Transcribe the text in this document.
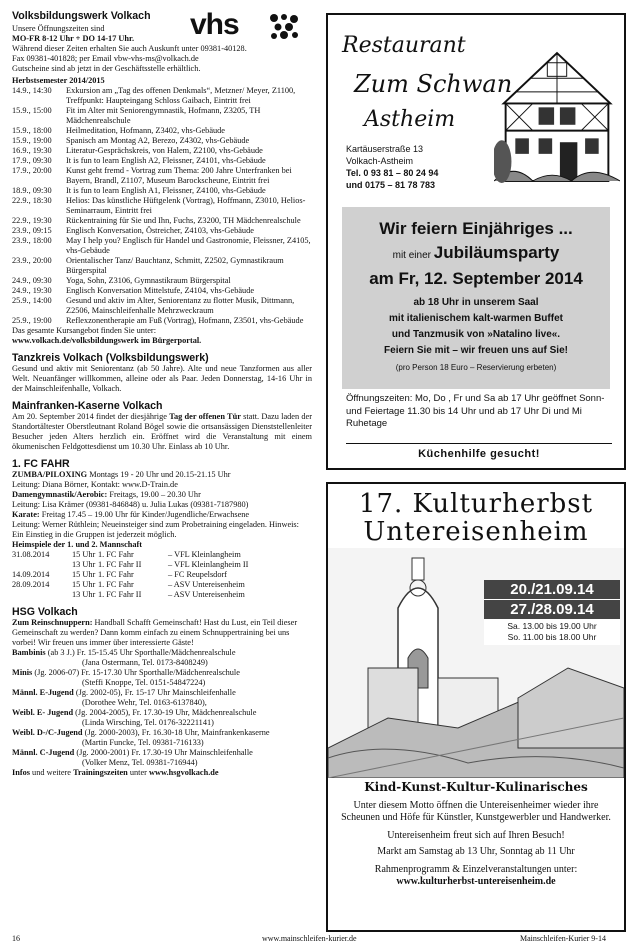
Volksbildungswerk Volkach	vhs
Unsere Öffnungszeiten sind
MO-FR 8-12 Uhr + DO 14-17 Uhr.
Während dieser Zeiten erhalten Sie auch Auskunft unter 09381-40128.
Fax 09381-401828; per Email vbw-vhs-ms@volkach.de
Gutscheine sind ab jetzt in der Geschäftsstelle erhältlich.
Herbstsemester 2014/2015
14.9., 14:30	Exkursion am „Tag des offenen Denkmals“, Metzner/ Meyer, Z1100, Treffpunkt: Haupteingang Schloss Gaibach, Eintritt frei
15.9., 15:00	Fit im Alter mit Seniorengymnastik, Hofmann, Z3205, TH Mädchenrealschule
15.9., 18:00	Heilmeditation, Hofmann, Z3402, vhs-Gebäude
15.9., 19:00	Spanisch am Montag A2, Berezo, Z4302, vhs-Gebäude
16.9., 19:30	Literatur-Gesprächskreis, von Halem, Z2100, vhs-Gebäude
17.9., 09:30	It is fun to learn English A2, Fleissner, Z4101, vhs-Gebäude
17.9., 20:00	Kunst geht fremd - Vortrag zum Thema: 200 Jahre Unterfranken bei Bayern, Brandl, Z1107, Museum Barockscheune, Eintritt frei
18.9., 09:30	It is fun to learn English A1, Fleissner, Z4100, vhs-Gebäude
22.9., 18:30	Helios: Das künstliche Hüftgelenk (Vortrag), Hoffmann, Z3010, Helios-Seminarraum, Eintritt frei
22.9., 19:30	Rückentraining für Sie und Ihn, Fuchs, Z3200, TH Mädchenrealschule
23.9., 09:15	Englisch Konversation, Östreicher, Z4103, vhs-Gebäude
23.9., 18:00	May I help you? Englisch für Handel und Gastronomie, Fleissner, Z4105, vhs-Gebäude
23.9., 20:00	Orientalischer Tanz/ Bauchtanz, Schmitt, Z2502, Gymnastikraum Bürgerspital
24.9., 09:30	Yoga, Sohn, Z3106, Gymnastikraum Bürgerspital
24.9., 19:30	Englisch Konversation Mittelstufe, Z4104, vhs-Gebäude
25.9., 14:00	Gesund und aktiv im Alter, Seniorentanz zu flotter Musik, Dittmann, Z2506, Mainschleifenhalle Mehrzweckraum
25.9., 19:00	Reflexzonentherapie am Fuß (Vortrag), Hofmann, Z3501, vhs-Gebäude
Das gesamte Kursangebot finden Sie unter:
www.volkach.de/volksbildungswerk im Bürgerportal.
Tanzkreis Volkach (Volksbildungswerk)
Gesund und aktiv mit Seniorentanz (ab 50 Jahre). Alte und neue Tanzformen aus aller Welt. Neuanfänger willkommen, alleine oder als Paar. Jeden Donnerstag, 14-16 Uhr in der Mainschleifenhalle, Volkach.
Mainfranken-Kaserne Volkach
Am 20. September 2014 findet der diesjährige Tag der offenen Tür statt. Dazu laden der Standortältester Oberstleutnant Roland Bögel sowie die ortsansässigen Dienststellenleiter Besucher jeden Alters herzlich ein. Eröffnet wird die Veranstaltung mit einem ökumenischen Feldgottesdienst um 10.30 Uhr. Einlass ab 10 Uhr.
1. FC FAHR
ZUMBA/PILOXING Montags 19 - 20 Uhr und 20.15-21.15 Uhr
Leitung: Diana Börner, Kontakt: www.D-Train.de
Damengymnastik/Aerobic: Freitags, 19.00 – 20.30 Uhr
Leitung: Lisa Krämer (09381-846848) u. Julia Lukas (09381-7187980)
Karate: Freitag 17.45 – 19.00 Uhr für Kinder/Jugendliche/Erwachsene
Leitung: Werner Rüthlein; Neueinsteiger sind zum Probetraining eingeladen. Hinweis: Ein Einstieg in die Gruppen ist jederzeit möglich.
Heimspiele der 1. und 2. Mannschaft
31.08.2014	15 Uhr 1. FC Fahr	– VFL Kleinlangheim
13 Uhr 1. FC Fahr II	– VFL Kleinlangheim II
14.09.2014	15 Uhr 1. FC Fahr	– FC Reupelsdorf
28.09.2014	15 Uhr 1. FC Fahr	– ASV Untereisenheim
13 Uhr 1. FC Fahr II	– ASV Untereisenheim
HSG Volkach
Zum Reinschnuppern: Handball Schafft Gemeinschaft! Hast du Lust, ein Teil dieser Gemeinschaft zu werden? Dann komm einfach zu einem Schnuppertraining bei uns vorbei! Wir freuen uns immer über interessierte Gäste!
Bambinis (ab 3 J.) Fr. 15-15.45 Uhr Sporthalle/Mädchenrealschule
(Jana Ostermann, Tel. 0173-8408249)
Minis (Jg. 2006-07) Fr. 15-17.30 Uhr Sporthalle/Mädchenrealschule
(Steffi Knoppe, Tel. 0151-54847224)
Männl. E-Jugend (Jg. 2002-05), Fr. 15-17 Uhr Mainschleifenhalle
(Dorothee Wehr, Tel. 0163-6137840),
Weibl. E- Jugend (Jg. 2004-2005), Fr. 17.30-19 Uhr, Mädchenrealschule
(Linda Wirsching, Tel. 0176-32221141)
Weibl. D-/C-Jugend (Jg. 2000-2003), Fr. 16.30-18 Uhr, Mainfrankenkaserne
(Martin Funcke, Tel. 09381-716133)
Männl. C-Jugend (Jg. 2000-2001) Fr. 17.30-19 Uhr Mainschleifenhalle
(Volker Menz, Tel. 09381-716944)
Infos und weitere Trainingszeiten unter www.hsgvolkach.de
Restaurant
Zum Schwan
Astheim
Kartäuserstraße 13
Volkach-Astheim
Tel. 0 93 81 – 80 24 94
und 0175 – 81 78 783
Wir feiern Einjähriges ...
mit einer Jubiläumsparty
am Fr, 12. September 2014
ab 18 Uhr in unserem Saal
mit italienischem kalt-warmen Buffet
und Tanzmusik von »Natalino live«.
Feiern Sie mit – wir freuen uns auf Sie!
(pro Person 18 Euro – Reservierung erbeten)
Öffnungszeiten: Mo, Do , Fr und Sa ab 17 Uhr geöffnet Sonn- und Feiertage 11.30 bis 14 Uhr und ab 17 Uhr Di und Mi Ruhetage
Küchenhilfe gesucht!
17. Kulturherbst
Untereisenheim
20./21.09.14
27./28.09.14
Sa. 13.00 bis 19.00 Uhr
So. 11.00 bis 18.00 Uhr
Kind-Kunst-Kultur-Kulinarisches
Unter diesem Motto öffnen die Untereisenheimer wieder ihre Scheunen und Höfe für Künstler, Kunstgewerbler und Handwerker.
Untereisenheim freut sich auf Ihren Besuch!
Markt am Samstag ab 13 Uhr, Sonntag ab 11 Uhr
Rahmenprogramm & Einzelveranstaltungen unter:
www.kulturherbst-untereisenheim.de
16	www.mainschleifen-kurier.de	Mainschleifen-Kurier 9-14
